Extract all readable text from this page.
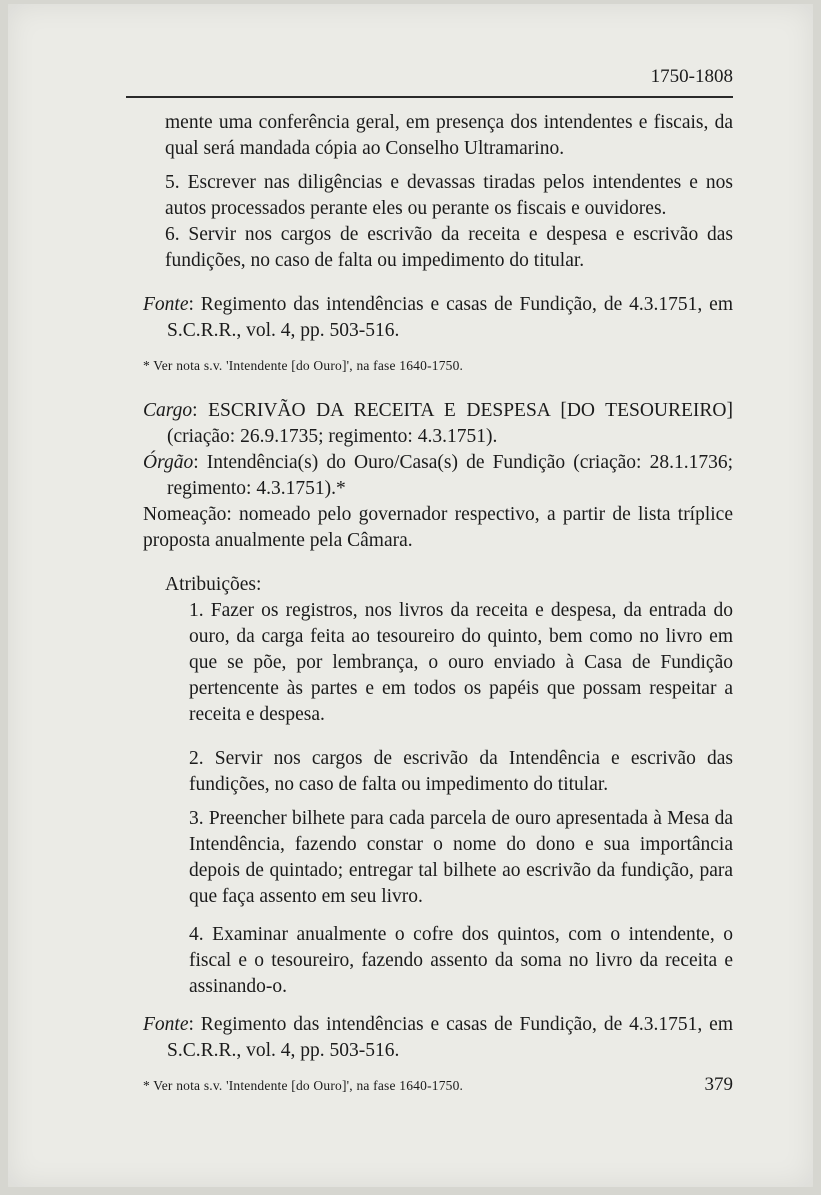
1750-1808

mente uma conferência geral, em presença dos intendentes e fiscais, da qual será mandada cópia ao Conselho Ultramarino.

5. Escrever nas diligências e devassas tiradas pelos intendentes e nos autos processados perante eles ou perante os fiscais e ouvidores.

6. Servir nos cargos de escrivão da receita e despesa e escrivão das fundições, no caso de falta ou impedimento do titular.

Fonte: Regimento das intendências e casas de Fundição, de 4.3.1751, em S.C.R.R., vol. 4, pp. 503-516.

* Ver nota s.v. 'Intendente [do Ouro]', na fase 1640-1750.

Cargo: ESCRIVÃO DA RECEITA E DESPESA [DO TESOUREIRO] (criação: 26.9.1735; regimento: 4.3.1751).

Órgão: Intendência(s) do Ouro/Casa(s) de Fundição (criação: 28.1.1736; regimento: 4.3.1751).*

Nomeação: nomeado pelo governador respectivo, a partir de lista tríplice proposta anualmente pela Câmara.

Atribuições:

1. Fazer os registros, nos livros da receita e despesa, da entrada do ouro, da carga feita ao tesoureiro do quinto, bem como no livro em que se põe, por lembrança, o ouro enviado à Casa de Fundição pertencente às partes e em todos os papéis que possam respeitar a receita e despesa.

2. Servir nos cargos de escrivão da Intendência e escrivão das fundições, no caso de falta ou impedimento do titular.

3. Preencher bilhete para cada parcela de ouro apresentada à Mesa da Intendência, fazendo constar o nome do dono e sua importância depois de quintado; entregar tal bilhete ao escrivão da fundição, para que faça assento em seu livro.

4. Examinar anualmente o cofre dos quintos, com o intendente, o fiscal e o tesoureiro, fazendo assento da soma no livro da receita e assinando-o.

Fonte: Regimento das intendências e casas de Fundição, de 4.3.1751, em S.C.R.R., vol. 4, pp. 503-516.

* Ver nota s.v. 'Intendente [do Ouro]', na fase 1640-1750.	379
